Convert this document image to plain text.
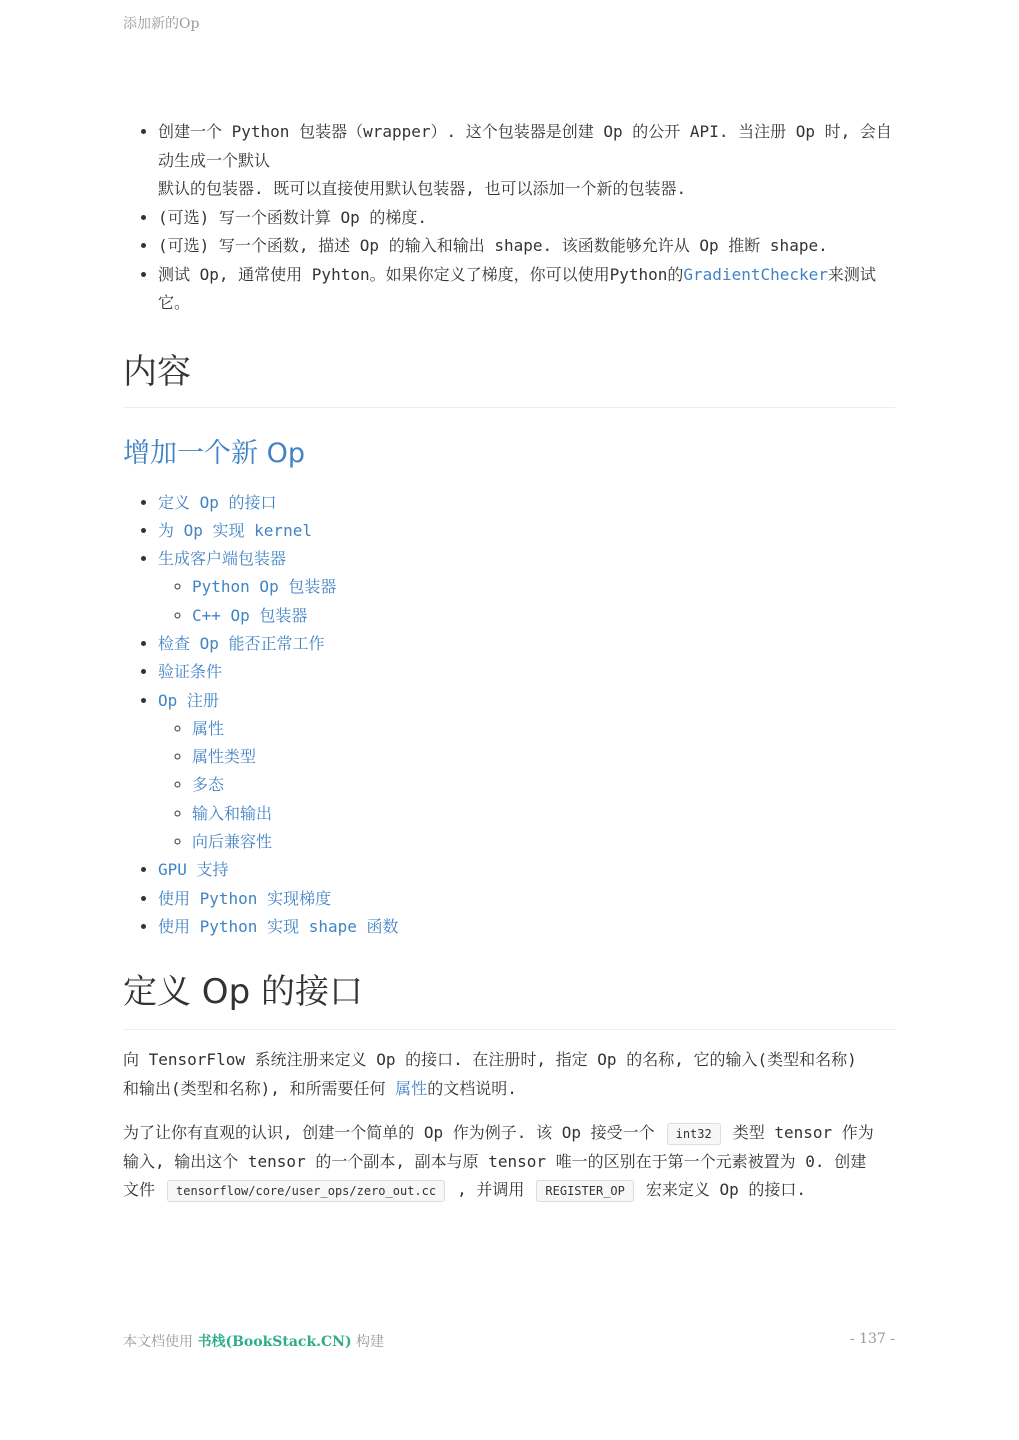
添加新的Op
• 创建一个 Python 包装器（wrapper）. 这个包装器是创建 Op 的公开 API. 当注册 Op 时, 会自动生成一个默认
默认的包装器. 既可以直接使用默认包装器, 也可以添加一个新的包装器.
• (可选) 写一个函数计算 Op 的梯度.
• (可选) 写一个函数, 描述 Op 的输入和输出 shape. 该函数能够允许从 Op 推断 shape.
• 测试 Op, 通常使用 Pyhton。如果你定义了梯度，你可以使用Python的GradientChecker来测试它。
内容
增加一个新 Op
• 定义 Op 的接口
• 为 Op 实现 kernel
• 生成客户端包装器
◦ Python Op 包装器
◦ C++ Op 包装器
• 检查 Op 能否正常工作
• 验证条件
• Op 注册
◦ 属性
◦ 属性类型
◦ 多态
◦ 输入和输出
◦ 向后兼容性
• GPU 支持
• 使用 Python 实现梯度
• 使用 Python 实现 shape 函数
定义 Op 的接口

向 TensorFlow 系统注册来定义 Op 的接口. 在注册时, 指定 Op 的名称, 它的输入(类型和名称)
和输出(类型和名称), 和所需要任何 属性的文档说明.

为了让你有直观的认识, 创建一个简单的 Op 作为例子. 该 Op 接受一个 int32 类型 tensor 作为
输入, 输出这个 tensor 的一个副本, 副本与原 tensor 唯一的区别在于第一个元素被置为 0. 创建
文件 tensorflow/core/user_ops/zero_out.cc , 并调用 REGISTER_OP 宏来定义 Op 的接口.

本文档使用 书栈(BookStack.CN) 构建	- 137 -
